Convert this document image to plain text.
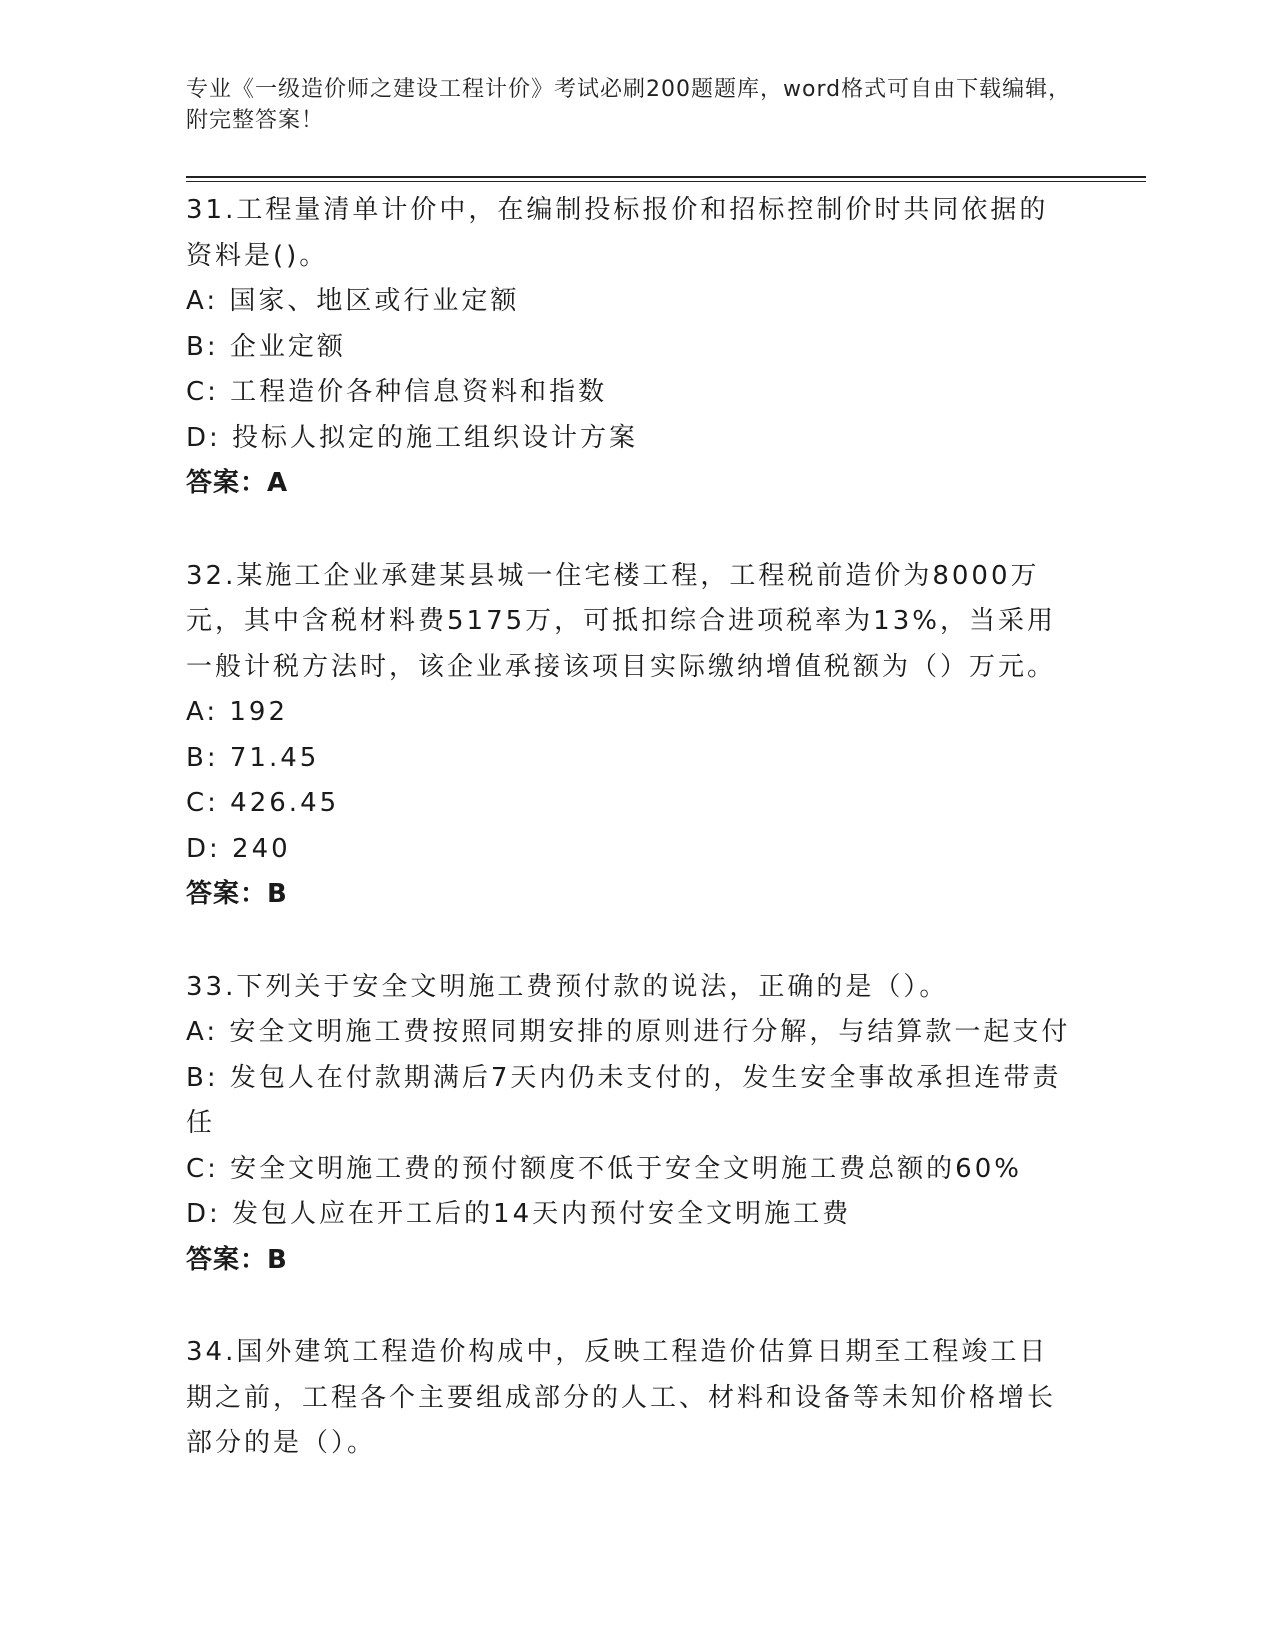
专业《一级造价师之建设工程计价》考试必刷200题题库，word格式可自由下载编辑，附完整答案！
31.工程量清单计价中，在编制投标报价和招标控制价时共同依据的资料是()。
A: 国家、地区或行业定额
B: 企业定额
C: 工程造价各种信息资料和指数
D: 投标人拟定的施工组织设计方案
答案：A
32.某施工企业承建某县城一住宅楼工程，工程税前造价为8000万元，其中含税材料费5175万，可抵扣综合进项税率为13%，当采用一般计税方法时，该企业承接该项目实际缴纳增值税额为（）万元。
A: 192
B: 71.45
C: 426.45
D: 240
答案：B
33.下列关于安全文明施工费预付款的说法，正确的是（）。
A: 安全文明施工费按照同期安排的原则进行分解，与结算款一起支付
B: 发包人在付款期满后7天内仍未支付的，发生安全事故承担连带责任
C: 安全文明施工费的预付额度不低于安全文明施工费总额的60%
D: 发包人应在开工后的14天内预付安全文明施工费
答案：B
34.国外建筑工程造价构成中，反映工程造价估算日期至工程竣工日期之前，工程各个主要组成部分的人工、材料和设备等未知价格增长部分的是（）。
